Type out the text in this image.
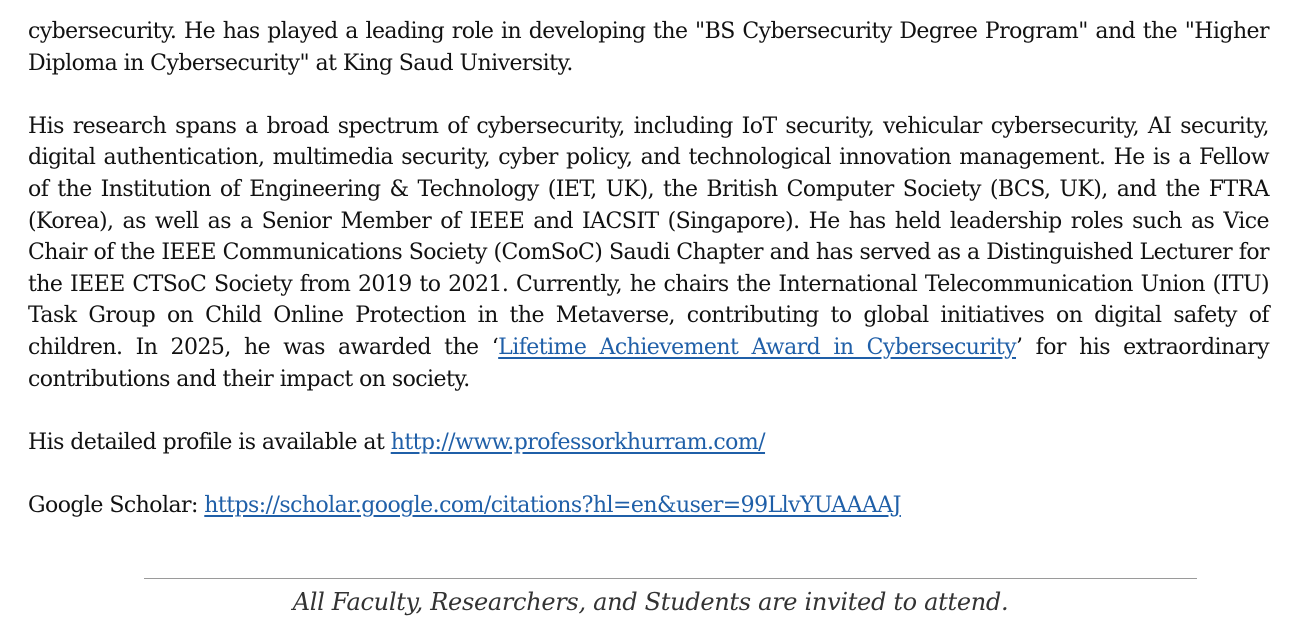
cybersecurity. He has played a leading role in developing the "BS Cybersecurity Degree Program" and the "Higher Diploma in Cybersecurity" at King Saud University.

His research spans a broad spectrum of cybersecurity, including IoT security, vehicular cybersecurity, AI security, digital authentication, multimedia security, cyber policy, and technological innovation management. He is a Fellow of the Institution of Engineering & Technology (IET, UK), the British Computer Society (BCS, UK), and the FTRA (Korea), as well as a Senior Member of IEEE and IACSIT (Singapore). He has held leadership roles such as Vice Chair of the IEEE Communications Society (ComSoC) Saudi Chapter and has served as a Distinguished Lecturer for the IEEE CTSoC Society from 2019 to 2021. Currently, he chairs the International Telecommunication Union (ITU) Task Group on Child Online Protection in the Metaverse, contributing to global initiatives on digital safety of children. In 2025, he was awarded the ‘Lifetime Achievement Award in Cybersecurity’ for his extraordinary contributions and their impact on society.

His detailed profile is available at http://www.professorkhurram.com/

Google Scholar: https://scholar.google.com/citations?hl=en&user=99LlvYUAAAAJ

All Faculty, Researchers, and Students are invited to attend.
